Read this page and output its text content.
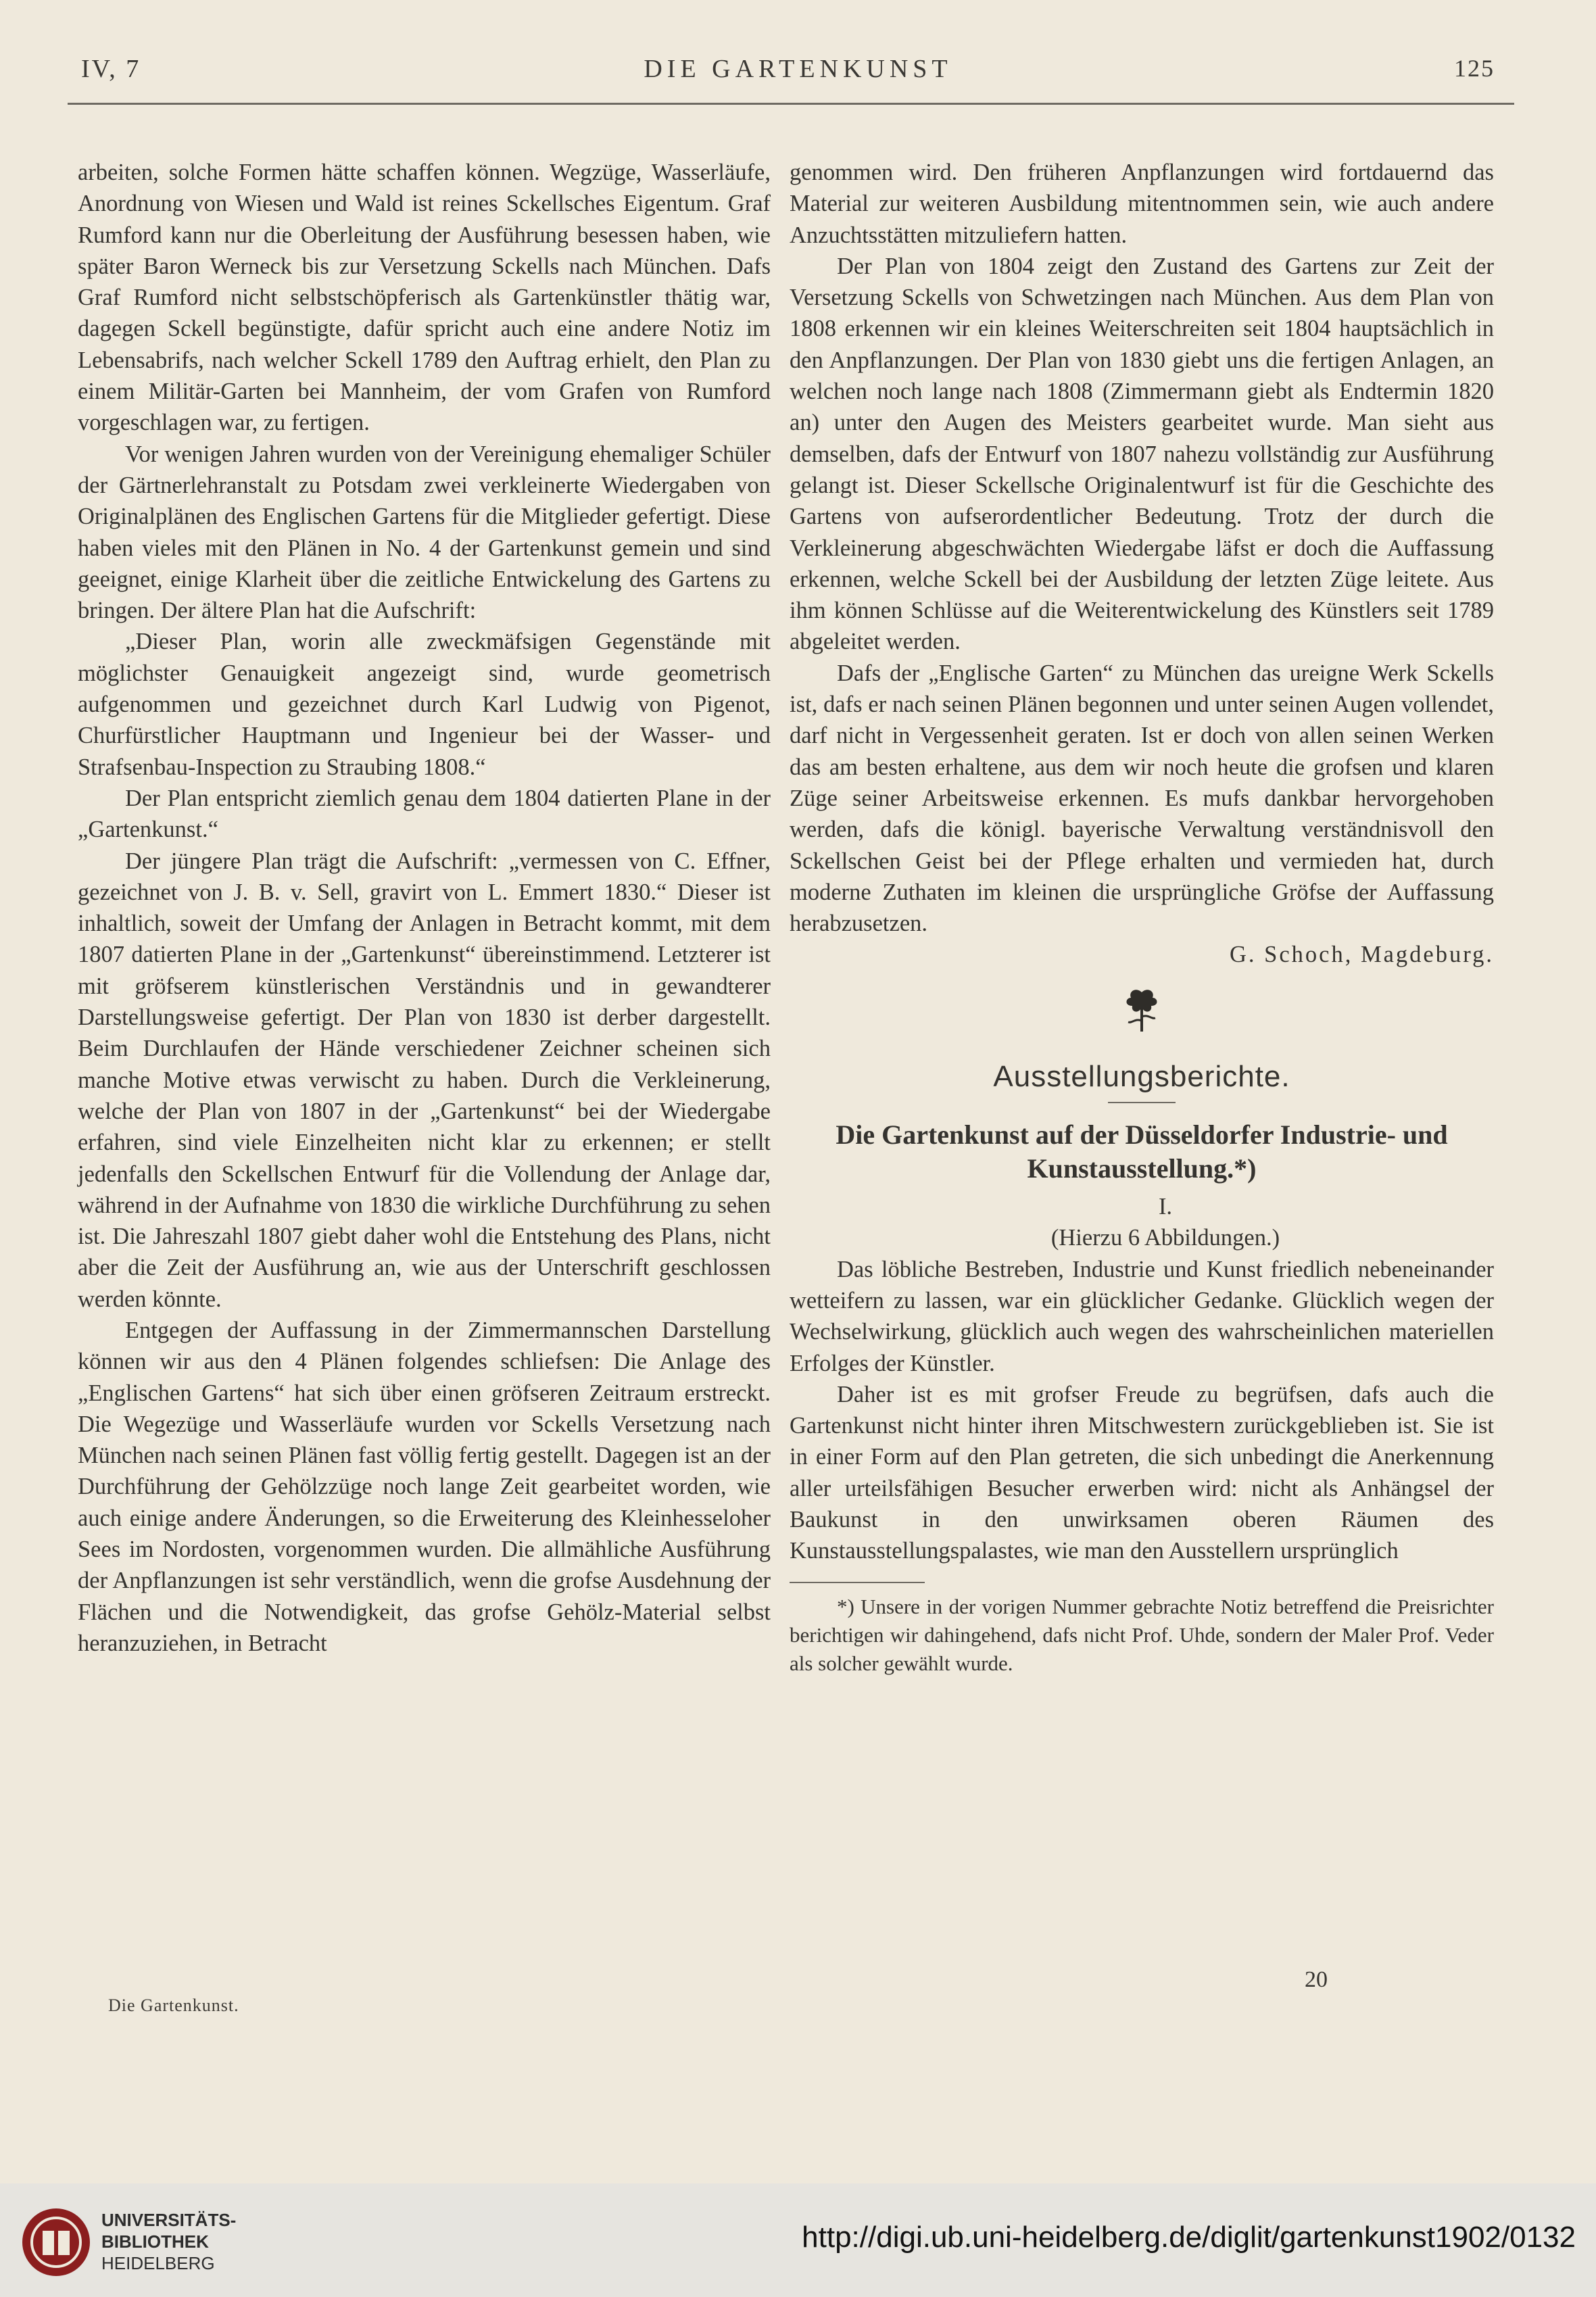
IV, 7	DIE GARTENKUNST	125

arbeiten, solche Formen hätte schaffen können. Wegzüge, Wasserläufe, Anordnung von Wiesen und Wald ist reines Sckellsches Eigentum. Graf Rumford kann nur die Oberleitung der Ausführung besessen haben, wie später Baron Werneck bis zur Versetzung Sckells nach München. Dafs Graf Rumford nicht selbstschöpferisch als Gartenkünstler thätig war, dagegen Sckell begünstigte, dafür spricht auch eine andere Notiz im Lebensabrifs, nach welcher Sckell 1789 den Auftrag erhielt, den Plan zu einem Militär-Garten bei Mannheim, der vom Grafen von Rumford vorgeschlagen war, zu fertigen.

Vor wenigen Jahren wurden von der Vereinigung ehemaliger Schüler der Gärtnerlehranstalt zu Potsdam zwei verkleinerte Wiedergaben von Originalplänen des Englischen Gartens für die Mitglieder gefertigt. Diese haben vieles mit den Plänen in No. 4 der Gartenkunst gemein und sind geeignet, einige Klarheit über die zeitliche Entwickelung des Gartens zu bringen. Der ältere Plan hat die Aufschrift:

„Dieser Plan, worin alle zweckmäfsigen Gegenstände mit möglichster Genauigkeit angezeigt sind, wurde geometrisch aufgenommen und gezeichnet durch Karl Ludwig von Pigenot, Churfürstlicher Hauptmann und Ingenieur bei der Wasser- und Strafsenbau-Inspection zu Straubing 1808.“

Der Plan entspricht ziemlich genau dem 1804 datierten Plane in der „Gartenkunst.“

Der jüngere Plan trägt die Aufschrift: „vermessen von C. Effner, gezeichnet von J. B. v. Sell, gravirt von L. Emmert 1830.“ Dieser ist inhaltlich, soweit der Umfang der Anlagen in Betracht kommt, mit dem 1807 datierten Plane in der „Gartenkunst“ übereinstimmend. Letzterer ist mit gröfserem künstlerischen Verständnis und in gewandterer Darstellungsweise gefertigt. Der Plan von 1830 ist derber dargestellt. Beim Durchlaufen der Hände verschiedener Zeichner scheinen sich manche Motive etwas verwischt zu haben. Durch die Verkleinerung, welche der Plan von 1807 in der „Gartenkunst“ bei der Wiedergabe erfahren, sind viele Einzelheiten nicht klar zu erkennen; er stellt jedenfalls den Sckellschen Entwurf für die Vollendung der Anlage dar, während in der Aufnahme von 1830 die wirkliche Durchführung zu sehen ist. Die Jahreszahl 1807 giebt daher wohl die Entstehung des Plans, nicht aber die Zeit der Ausführung an, wie aus der Unterschrift geschlossen werden könnte.

Entgegen der Auffassung in der Zimmermannschen Darstellung können wir aus den 4 Plänen folgendes schliefsen: Die Anlage des „Englischen Gartens“ hat sich über einen gröfseren Zeitraum erstreckt. Die Wegezüge und Wasserläufe wurden vor Sckells Versetzung nach München nach seinen Plänen fast völlig fertig gestellt. Dagegen ist an der Durchführung der Gehölzzüge noch lange Zeit gearbeitet worden, wie auch einige andere Änderungen, so die Erweiterung des Kleinhesseloher Sees im Nordosten, vorgenommen wurden. Die allmähliche Ausführung der Anpflanzungen ist sehr verständlich, wenn die grofse Ausdehnung der Flächen und die Notwendigkeit, das grofse Gehölz-Material selbst heranzuziehen, in Betracht

Die Gartenkunst.

genommen wird. Den früheren Anpflanzungen wird fortdauernd das Material zur weiteren Ausbildung mitentnommen sein, wie auch andere Anzuchtsstätten mitzuliefern hatten.

Der Plan von 1804 zeigt den Zustand des Gartens zur Zeit der Versetzung Sckells von Schwetzingen nach München. Aus dem Plan von 1808 erkennen wir ein kleines Weiterschreiten seit 1804 hauptsächlich in den Anpflanzungen. Der Plan von 1830 giebt uns die fertigen Anlagen, an welchen noch lange nach 1808 (Zimmermann giebt als Endtermin 1820 an) unter den Augen des Meisters gearbeitet wurde. Man sieht aus demselben, dafs der Entwurf von 1807 nahezu vollständig zur Ausführung gelangt ist. Dieser Sckellsche Originalentwurf ist für die Geschichte des Gartens von aufserordentlicher Bedeutung. Trotz der durch die Verkleinerung abgeschwächten Wiedergabe läfst er doch die Auffassung erkennen, welche Sckell bei der Ausbildung der letzten Züge leitete. Aus ihm können Schlüsse auf die Weiterentwickelung des Künstlers seit 1789 abgeleitet werden.

Dafs der „Englische Garten“ zu München das ureigne Werk Sckells ist, dafs er nach seinen Plänen begonnen und unter seinen Augen vollendet, darf nicht in Vergessenheit geraten. Ist er doch von allen seinen Werken das am besten erhaltene, aus dem wir noch heute die grofsen und klaren Züge seiner Arbeitsweise erkennen. Es mufs dankbar hervorgehoben werden, dafs die königl. bayerische Verwaltung verständnisvoll den Sckellschen Geist bei der Pflege erhalten und vermieden hat, durch moderne Zuthaten im kleinen die ursprüngliche Gröfse der Auffassung herabzusetzen.

G. Schoch, Magdeburg.

Ausstellungsberichte.
Die Gartenkunst auf der Düsseldorfer Industrie- und Kunstausstellung.*)

I.

(Hierzu 6 Abbildungen.)

Das löbliche Bestreben, Industrie und Kunst friedlich nebeneinander wetteifern zu lassen, war ein glücklicher Gedanke. Glücklich wegen der Wechselwirkung, glücklich auch wegen des wahrscheinlichen materiellen Erfolges der Künstler.

Daher ist es mit grofser Freude zu begrüfsen, dafs auch die Gartenkunst nicht hinter ihren Mitschwestern zurückgeblieben ist. Sie ist in einer Form auf den Plan getreten, die sich unbedingt die Anerkennung aller urteilsfähigen Besucher erwerben wird: nicht als Anhängsel der Baukunst in den unwirksamen oberen Räumen des Kunstausstellungspalastes, wie man den Ausstellern ursprünglich

*) Unsere in der vorigen Nummer gebrachte Notiz betreffend die Preisrichter berichtigen wir dahingehend, dafs nicht Prof. Uhde, sondern der Maler Prof. Veder als solcher gewählt wurde.

20
UNIVERSITÄTS-
BIBLIOTHEK
HEIDELBERG
http://digi.ub.uni-heidelberg.de/diglit/gartenkunst1902/0132
